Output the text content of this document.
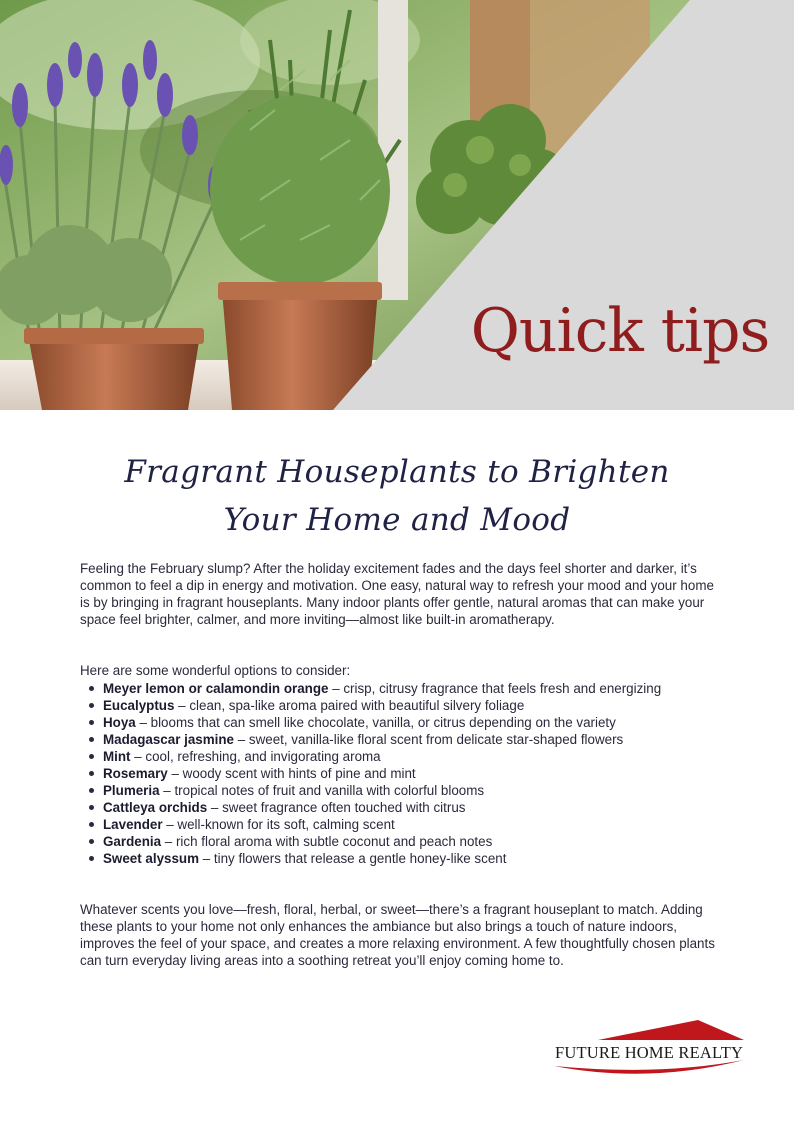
Quick tips
Fragrant Houseplants to Brighten
Your Home and Mood

Feeling the February slump? After the holiday excitement fades and the days feel shorter and darker, it’s common to feel a dip in energy and motivation. One easy, natural way to refresh your mood and your home is by bringing in fragrant houseplants. Many indoor plants offer gentle, natural aromas that can make your space feel brighter, calmer, and more inviting—almost like built-in aromatherapy.

Here are some wonderful options to consider:

Meyer lemon or calamondin orange – crisp, citrusy fragrance that feels fresh and energizing
Eucalyptus – clean, spa-like aroma paired with beautiful silvery foliage
Hoya – blooms that can smell like chocolate, vanilla, or citrus depending on the variety
Madagascar jasmine – sweet, vanilla-like floral scent from delicate star-shaped flowers
Mint – cool, refreshing, and invigorating aroma
Rosemary – woody scent with hints of pine and mint
Plumeria – tropical notes of fruit and vanilla with colorful blooms
Cattleya orchids – sweet fragrance often touched with citrus
Lavender – well-known for its soft, calming scent
Gardenia – rich floral aroma with subtle coconut and peach notes
Sweet alyssum – tiny flowers that release a gentle honey-like scent

Whatever scents you love—fresh, floral, herbal, or sweet—there’s a fragrant houseplant to match. Adding these plants to your home not only enhances the ambiance but also brings a touch of nature indoors, improves the feel of your space, and creates a more relaxing environment. A few thoughtfully chosen plants can turn everyday living areas into a soothing retreat you’ll enjoy coming home to.

FUTURE HOME REALTY
